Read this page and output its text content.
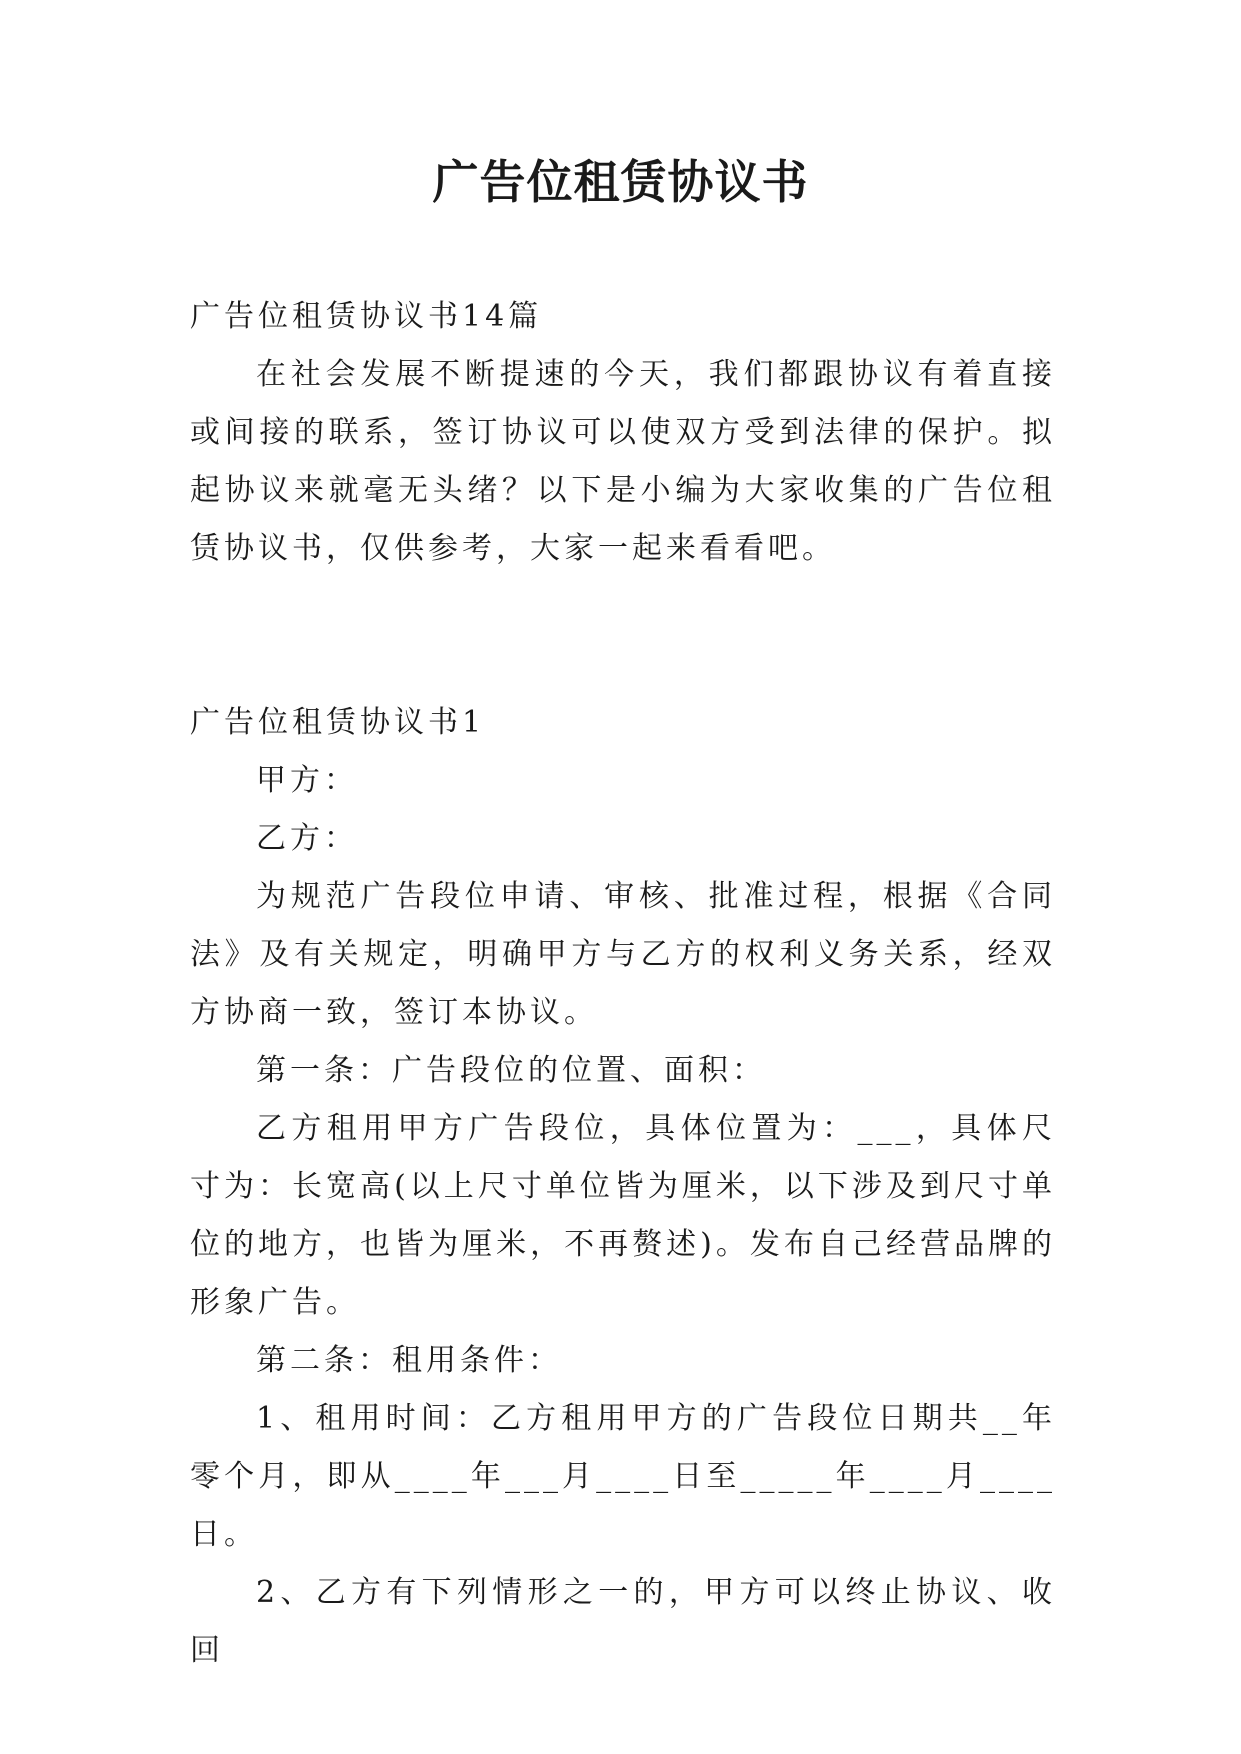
广告位租赁协议书

广告位租赁协议书14篇

在社会发展不断提速的今天，我们都跟协议有着直接或间接的联系，签订协议可以使双方受到法律的保护。拟起协议来就毫无头绪？以下是小编为大家收集的广告位租赁协议书，仅供参考，大家一起来看看吧。

广告位租赁协议书1

甲方：

乙方：

为规范广告段位申请、审核、批准过程，根据《合同法》及有关规定，明确甲方与乙方的权利义务关系，经双方协商一致，签订本协议。

第一条：广告段位的位置、面积：

乙方租用甲方广告段位，具体位置为：___，具体尺寸为：长宽高(以上尺寸单位皆为厘米，以下涉及到尺寸单位的地方，也皆为厘米，不再赘述)。发布自己经营品牌的形象广告。

第二条：租用条件：

1、租用时间：乙方租用甲方的广告段位日期共__年零个月，即从____年___月____日至_____年____月____日。

2、乙方有下列情形之一的，甲方可以终止协议、收回
